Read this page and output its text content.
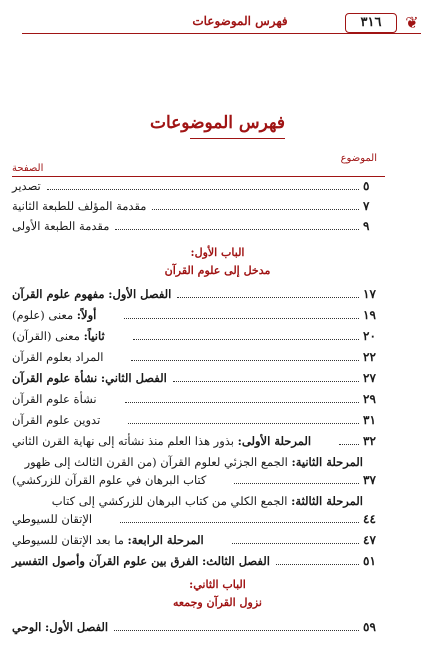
❦
٣١٦
فهرس الموضوعات
فهرس الموضوعات
الموضوع
الصفحة
تصدير	٥
مقدمة المؤلف للطبعة الثانية	٧
مقدمة الطبعة الأولى	٩
الباب الأول:
مدخل إلى علوم القرآن
الفصل الأول: مفهوم علوم القرآن	١٧
أولاً: معنى (علوم)	١٩
ثانياً: معنى (القرآن)	٢٠
المراد بعلوم القرآن	٢٢
الفصل الثاني: نشأة علوم القرآن	٢٧
نشأة علوم القرآن	٢٩
تدوين علوم القرآن	٣١
المرحلة الأولى: بذور هذا العلم منذ نشأته إلى نهاية القرن الثاني	٣٢
المرحلة الثانية: الجمع الجزئي لعلوم القرآن (من القرن الثالث إلى ظهور
كتاب البرهان في علوم القرآن للزركشي)	٣٧
المرحلة الثالثة: الجمع الكلي من كتاب البرهان للزركشي إلى كتاب
الإتقان للسيوطي	٤٤
المرحلة الرابعة: ما بعد الإتقان للسيوطي	٤٧
الفصل الثالث: الفرق بين علوم القرآن وأصول التفسير	٥١
الباب الثاني:
نزول القرآن وجمعه
الفصل الأول: الوحي	٥٩
